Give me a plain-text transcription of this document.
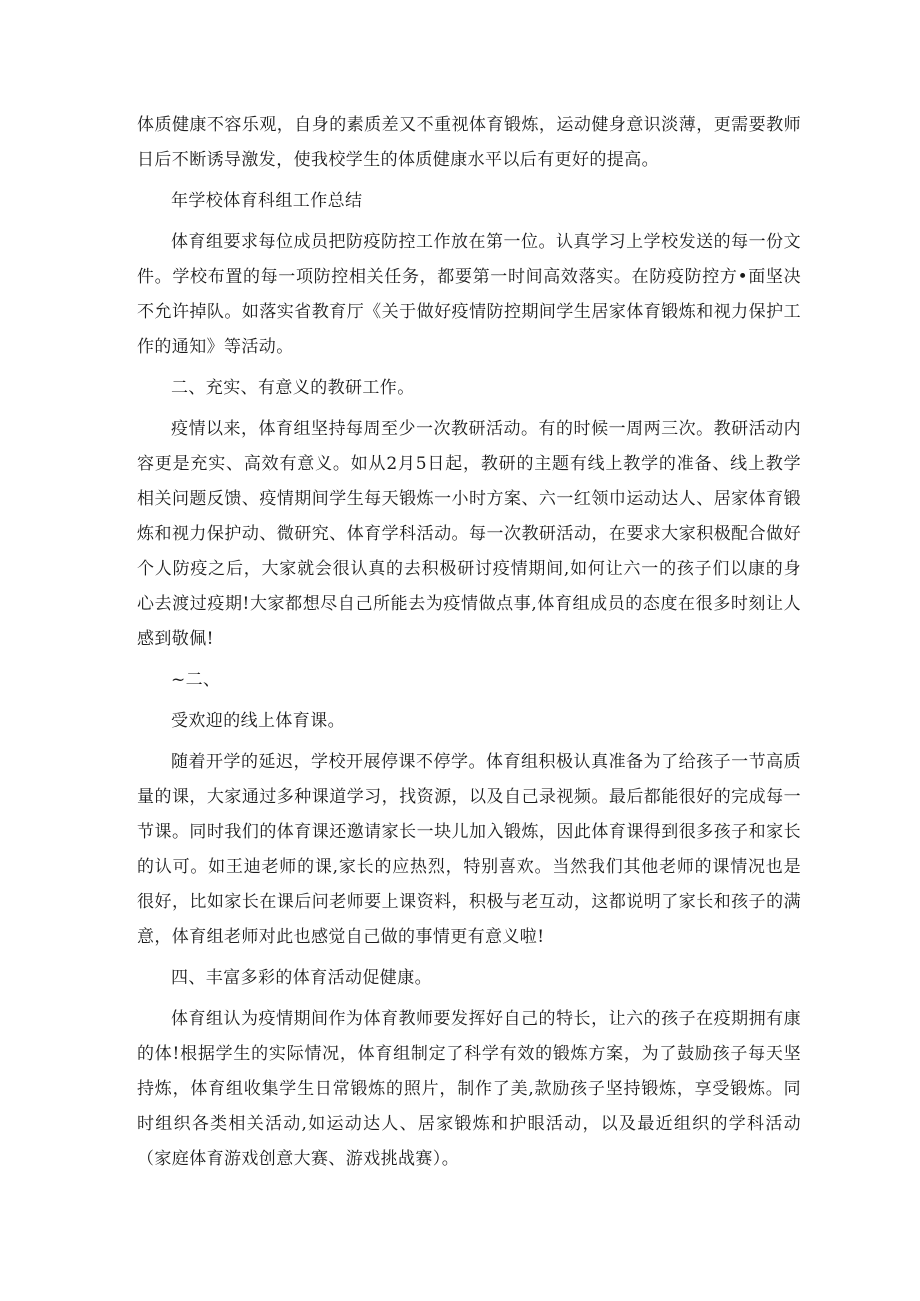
体质健康不容乐观，自身的素质差又不重视体育锻炼，运动健身意识淡薄，更需要教师日后不断诱导激发，使我校学生的体质健康水平以后有更好的提高。

年学校体育科组工作总结

体育组要求每位成员把防疫防控工作放在第一位。认真学习上学校发送的每一份文件。学校布置的每一项防控相关任务，都要第一时间高效落实。在防疫防控方•面坚决不允许掉队。如落实省教育厅《关于做好疫情防控期间学生居家体育锻炼和视力保护工作的通知》等活动。

二、充实、有意义的教研工作。

疫情以来，体育组坚持每周至少一次教研活动。有的时候一周两三次。教研活动内容更是充实、高效有意义。如从2月5日起，教研的主题有线上教学的准备、线上教学相关问题反馈、疫情期间学生每天锻炼一小时方案、六一红领巾运动达人、居家体育锻炼和视力保护动、微研究、体育学科活动。每一次教研活动，在要求大家积极配合做好个人防疫之后，大家就会很认真的去积极研讨疫情期间,如何让六一的孩子们以康的身心去渡过疫期!大家都想尽自己所能去为疫情做点事,体育组成员的态度在很多时刻让人感到敬佩!

~二、

受欢迎的线上体育课。

随着开学的延迟，学校开展停课不停学。体育组积极认真准备为了给孩子一节高质量的课，大家通过多种课道学习，找资源，以及自己录视频。最后都能很好的完成每一节课。同时我们的体育课还邀请家长一块儿加入锻炼，因此体育课得到很多孩子和家长的认可。如王迪老师的课,家长的应热烈，特别喜欢。当然我们其他老师的课情况也是很好，比如家长在课后问老师要上课资料，积极与老互动，这都说明了家长和孩子的满意，体育组老师对此也感觉自己做的事情更有意义啦!

四、丰富多彩的体育活动促健康。

体育组认为疫情期间作为体育教师要发挥好自己的特长，让六的孩子在疫期拥有康的体!根据学生的实际情况，体育组制定了科学有效的锻炼方案，为了鼓励孩子每天坚持炼，体育组收集学生日常锻炼的照片，制作了美,款励孩子坚持锻炼，享受锻炼。同时组织各类相关活动,如运动达人、居家锻炼和护眼活动，以及最近组织的学科活动（家庭体育游戏创意大赛、游戏挑战赛）。
